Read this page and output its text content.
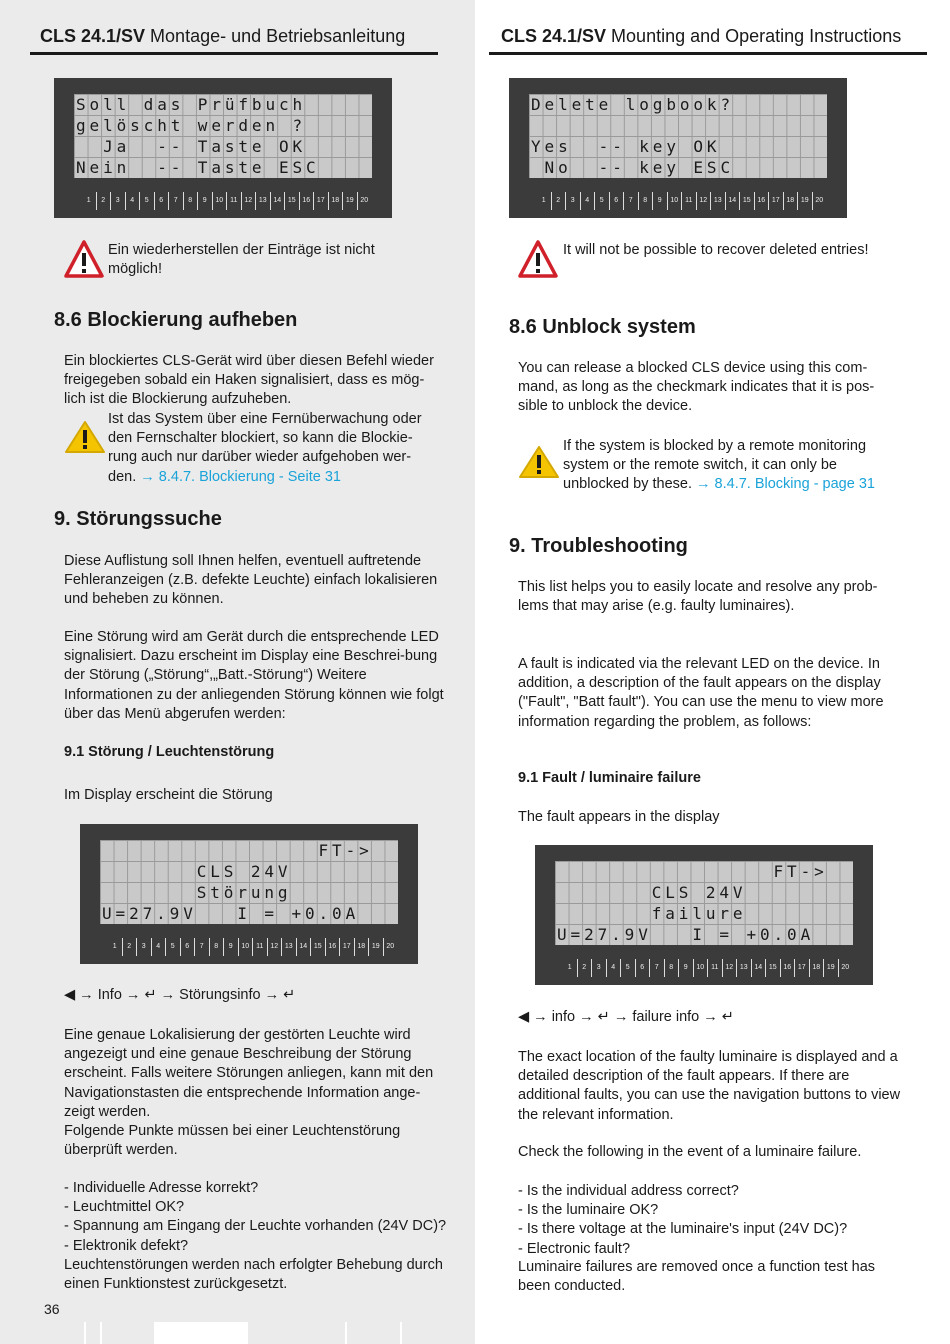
CLS 24.1/SV Montage- und Betriebsanleitung
Soll das Prüfbuch
gelöscht werden ?
Ja  -- Taste OK
Nein  -- Taste ESC
1	2	3	4	5	6	7	8	9	10 11 12 13 14 15 16 17 18 19 20
Ein wiederherstellen der Einträge ist nicht möglich!
8.6 Blockierung aufheben
Ein blockiertes CLS-Gerät wird über diesen Befehl wieder freigegeben sobald ein Haken signalisiert, dass es mög-lich ist die Blockierung aufzuheben.
Ist das System über eine Fernüberwachung oder den Fernschalter blockiert, so kann die Blockie-rung auch nur darüber wieder aufgehoben wer-den. → 8.4.7. Blockierung - Seite 31
9. Störungssuche
Diese Auflistung soll Ihnen helfen, eventuell auftretende Fehleranzeigen (z.B. defekte Leuchte) einfach lokalisieren und beheben zu können.
Eine Störung wird am Gerät durch die entsprechende LED signalisiert. Dazu erscheint im Display eine Beschrei-bung der Störung („Störung“,„Batt.-Störung“) Weitere Informationen zu der anliegenden Störung können wie folgt über das Menü abgerufen werden:
9.1 Störung / Leuchtenstörung
Im Display erscheint die Störung
FT->
CLS 24V
Störung
U=27.9V   I = +0.0A
1	2	3	4	5	6	7	8	9	10 11 12 13 14 15 16 17 18 19 20
◀ → Info → ↵ → Störungsinfo → ↵
Eine genaue Lokalisierung der gestörten Leuchte wird angezeigt und eine genaue Beschreibung der Störung erscheint. Falls weitere Störungen anliegen, kann mit den Navigationstasten die entsprechende Information ange-zeigt werden.
Folgende Punkte müssen bei einer Leuchtenstörung überprüft werden.
- Individuelle Adresse korrekt?
- Leuchtmittel OK?
- Spannung am Eingang der Leuchte vorhanden (24V DC)?
- Elektronik defekt?
Leuchtenstörungen werden nach erfolgter Behebung durch einen Funktionstest zurückgesetzt.
36
CLS 24.1/SV Mounting and Operating Instructions
Delete logbook?
Yes  -- key OK
No  -- key ESC
1	2	3	4	5	6	7	8	9	10 11 12 13 14 15 16 17 18 19 20
It will not be possible to recover deleted entries!
8.6 Unblock system
You can release a blocked CLS device using this com-mand, as long as the checkmark indicates that it is pos-sible to unblock the device.
If the system is blocked by a remote monitoring system or the remote switch, it can only be unblocked by these. → 8.4.7. Blocking - page 31
9. Troubleshooting
This list helps you to easily locate and resolve any prob-lems that may arise (e.g. faulty luminaires).
A fault is indicated via the relevant LED on the device. In addition, a description of the fault appears on the display ("Fault", "Batt fault"). You can use the menu to view more information regarding the problem, as follows:
9.1 Fault / luminaire failure
The fault appears in the display
FT->
CLS 24V
failure
U=27.9V   I = +0.0A
1	2	3	4	5	6	7	8	9	10 11 12 13 14 15 16 17 18 19 20
◀ → info → ↵ → failure info → ↵
The exact location of the faulty luminaire is displayed and a detailed description of the fault appears. If there are additional faults, you can use the navigation buttons to view the relevant information.
Check the following in the event of a luminaire failure.
- Is the individual address correct?
- Is the luminaire OK?
- Is there voltage at the luminaire's input (24V DC)?
- Electronic fault?
Luminaire failures are removed once a function test has been conducted.
